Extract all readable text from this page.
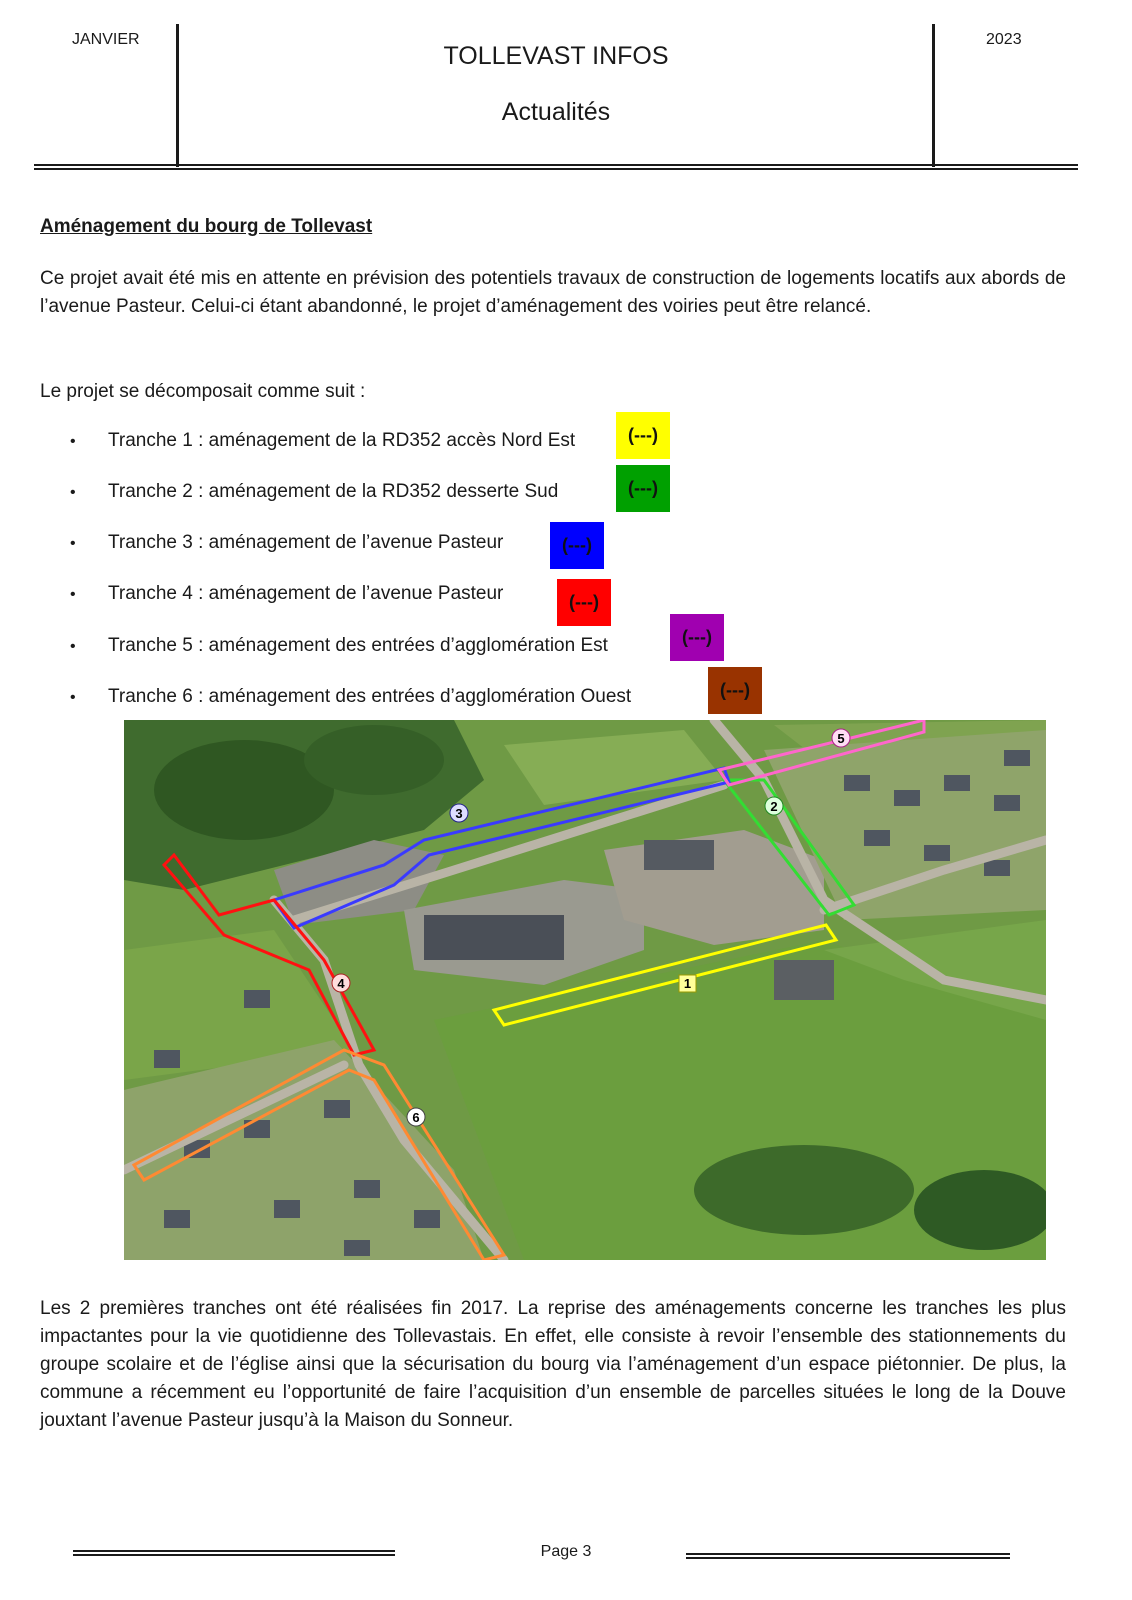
JANVIER
TOLLEVAST INFOS
Actualités
2023
Aménagement du bourg de Tollevast

Ce projet avait été mis en attente en prévision des potentiels travaux de construction de logements locatifs aux abords de l’avenue Pasteur. Celui-ci étant abandonné, le projet d’aménagement des voiries peut être relancé.

Le projet se décomposait comme suit :

• Tranche 1 : aménagement de la RD352 accès Nord Est
• Tranche 2 : aménagement de la RD352 desserte Sud
• Tranche 3 : aménagement de l’avenue Pasteur
• Tranche 4 : aménagement de l’avenue Pasteur
• Tranche 5 : aménagement des entrées d’agglomération Est
• Tranche 6 : aménagement des entrées d’agglomération Ouest
(---)
(---)
(---)
(---)
(---)
(---)
1
2
3
4
5
6

Les 2 premières tranches ont été réalisées fin 2017. La reprise des aménagements concerne les tranches les plus impactantes pour la vie quotidienne des Tollevastais. En effet, elle consiste à revoir l’ensemble des stationnements du groupe scolaire et de l’église ainsi que la sécurisation du bourg via l’aménagement d’un espace piétonnier. De plus, la commune a récemment eu l’opportunité de faire l’acquisition d’un ensemble de parcelles situées le long de la Douve jouxtant l’avenue Pasteur jusqu’à la Maison du Sonneur.

Page 3
